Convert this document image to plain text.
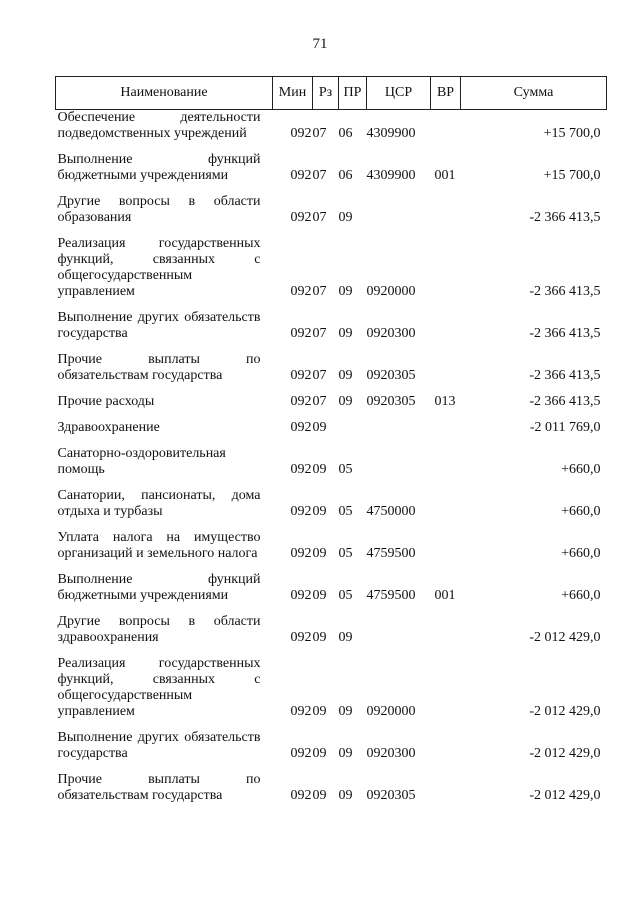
71
Наименование	Мин	Рз	ПР	ЦСР	ВР	Сумма
Обеспечение деятельности подведомственных учреждений	092	07	06	4309900		+15 700,0
Выполнение функций бюджетными учреждениями	092	07	06	4309900	001	+15 700,0
Другие вопросы в области образования	092	07	09			-2 366 413,5
Реализация государственных функций, связанных с общегосударственным управлением	092	07	09	0920000		-2 366 413,5
Выполнение других обязательств государства	092	07	09	0920300		-2 366 413,5
Прочие выплаты по обязательствам государства	092	07	09	0920305		-2 366 413,5
Прочие расходы	092	07	09	0920305	013	-2 366 413,5
Здравоохранение	092	09				-2 011 769,0
Санаторно-оздоровительная помощь	092	09	05			+660,0
Санатории, пансионаты, дома отдыха и турбазы	092	09	05	4750000		+660,0
Уплата налога на имущество организаций и земельного налога	092	09	05	4759500		+660,0
Выполнение функций бюджетными учреждениями	092	09	05	4759500	001	+660,0
Другие вопросы в области здравоохранения	092	09	09			-2 012 429,0
Реализация государственных функций, связанных с общегосударственным управлением	092	09	09	0920000		-2 012 429,0
Выполнение других обязательств государства	092	09	09	0920300		-2 012 429,0
Прочие выплаты по обязательствам государства	092	09	09	0920305		-2 012 429,0
